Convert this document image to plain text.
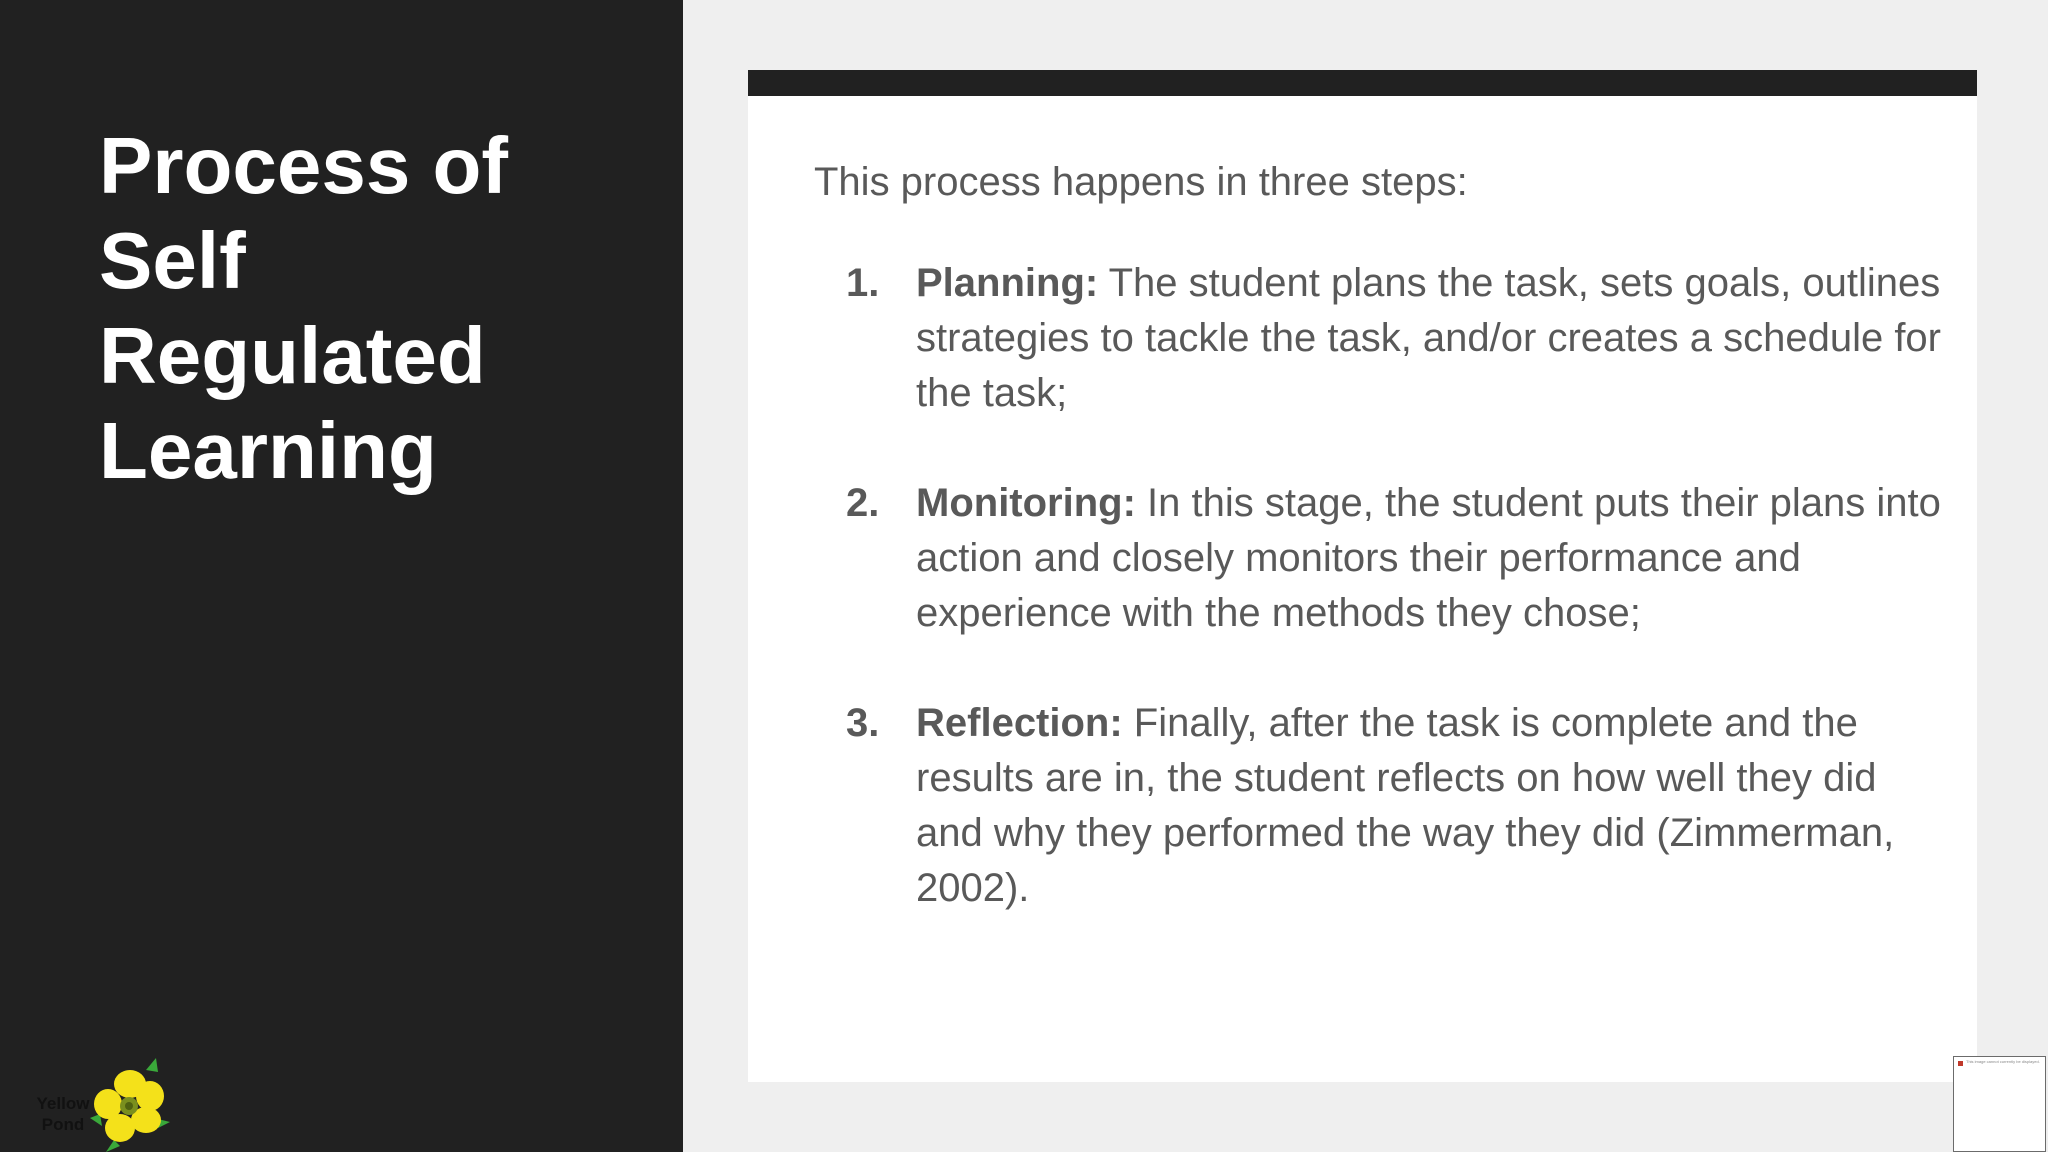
Process of
Self
Regulated
Learning
Yellow
Pond

This process happens in three steps:

1. Planning: The student plans the task, sets goals, outlines strategies to tackle the task, and/or creates a schedule for the task;
2. Monitoring: In this stage, the student puts their plans into action and closely monitors their performance and experience with the methods they chose;
3. Reflection: Finally, after the task is complete and the results are in, the student reflects on how well they did and why they performed the way they did (Zimmerman, 2002).
This image cannot currently be displayed.
